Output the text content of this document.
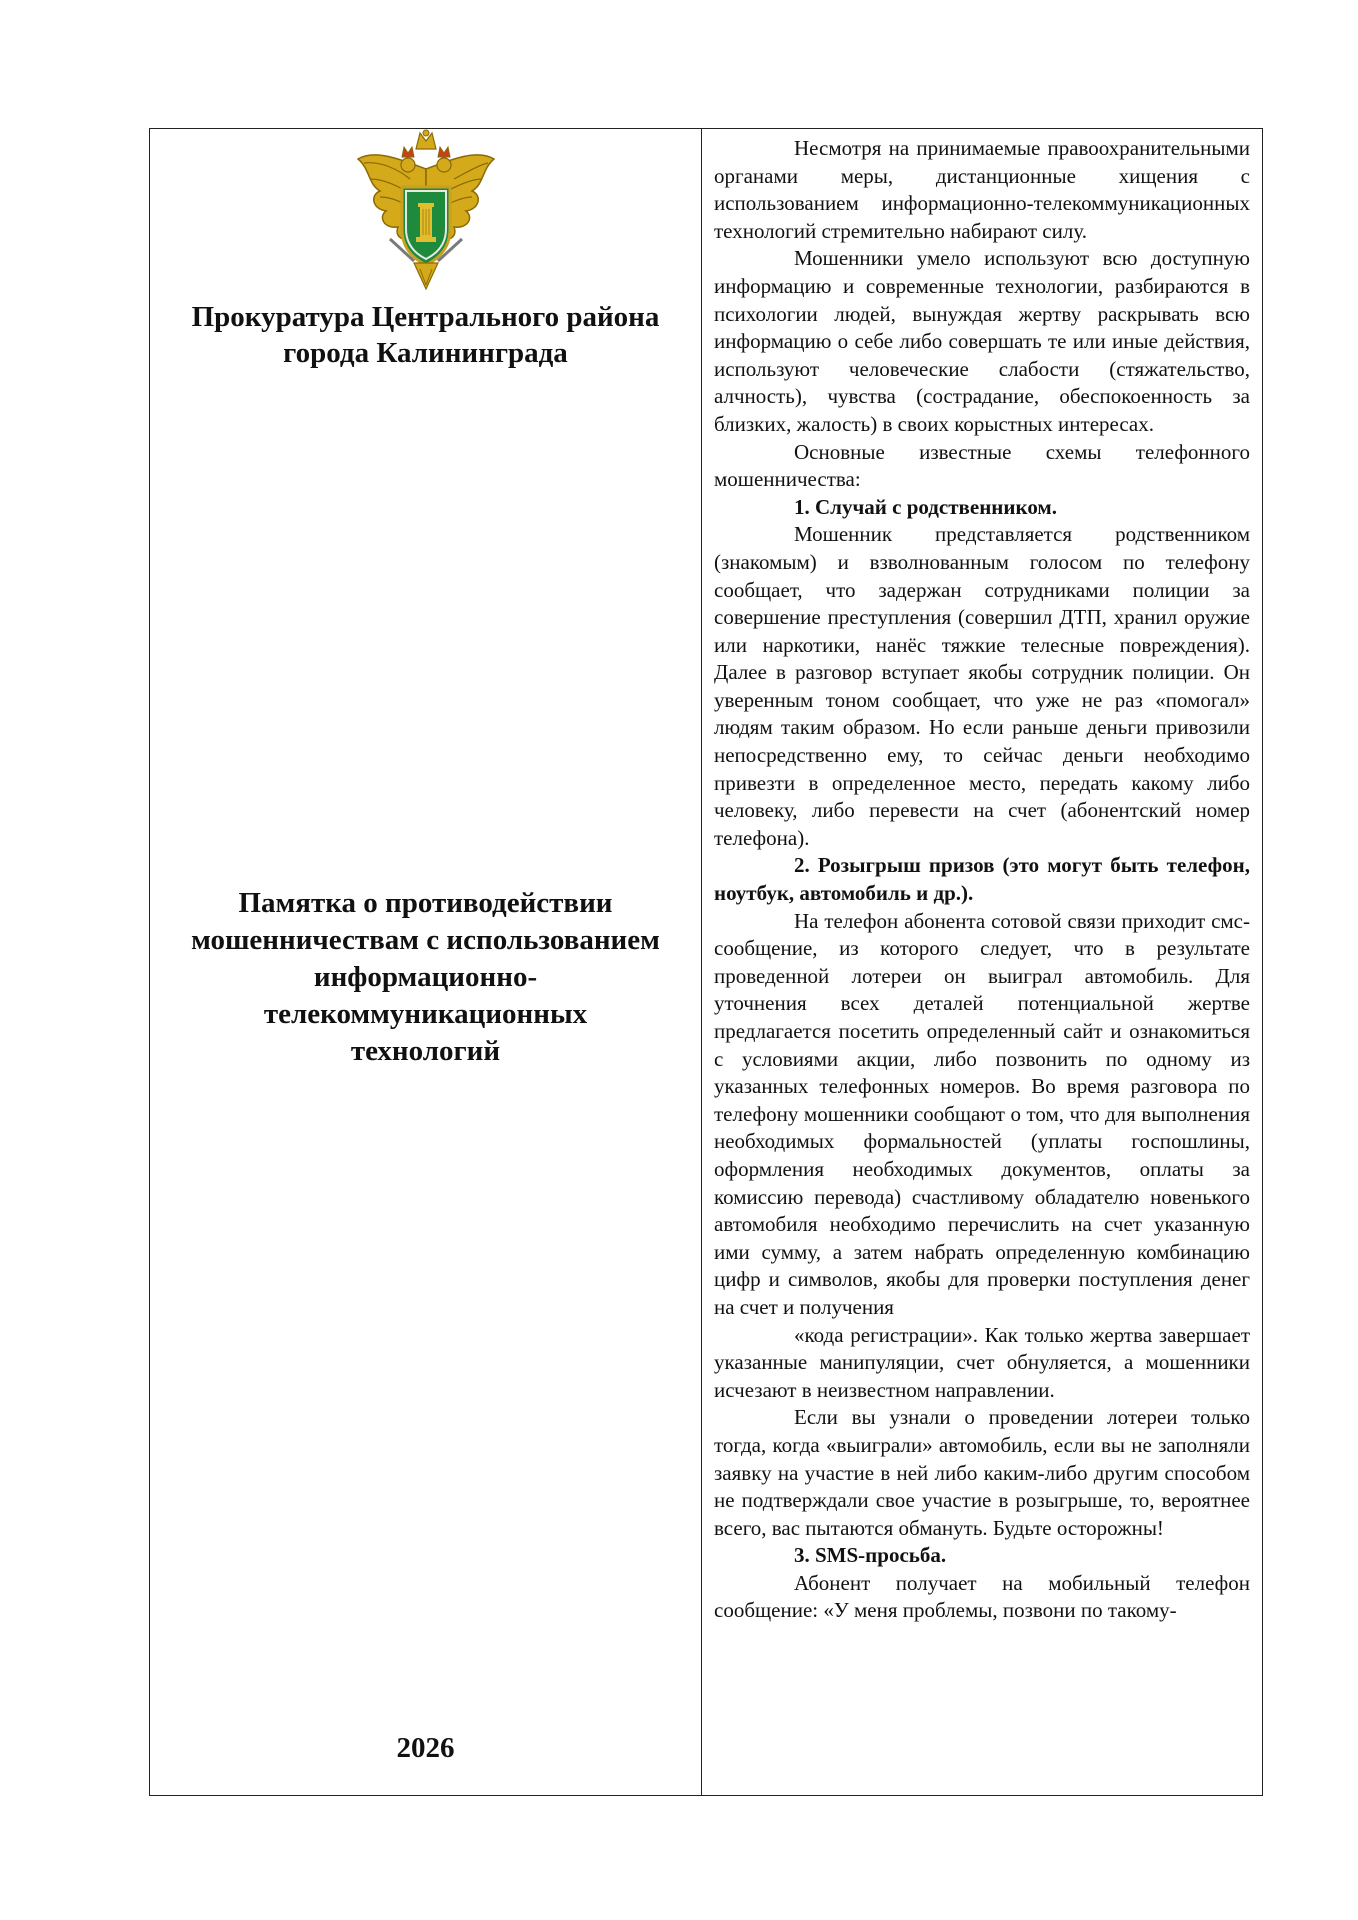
Прокуратура Центрального района
города Калининграда
Памятка о противодействии
мошенничествам с использованием
информационно-
телекоммуникационных
технологий
2026

Несмотря на принимаемые правоохранительными органами меры, дистанционные хищения с использованием информационно-телекоммуникационных технологий стремительно набирают силу.

Мошенники умело используют всю доступную информацию и современные технологии, разбираются в психологии людей, вынуждая жертву раскрывать всю информацию о себе либо совершать те или иные действия, используют человеческие слабости (стяжательство, алчность), чувства (сострадание, обеспокоенность за близких, жалость) в своих корыстных интересах.

Основные известные схемы телефонного мошенничества:

1. Случай с родственником.

Мошенник представляется родственником (знакомым) и взволнованным голосом по телефону сообщает, что задержан сотрудниками полиции за совершение преступления (совершил ДТП, хранил оружие или наркотики, нанёс тяжкие телесные повреждения). Далее в разговор вступает якобы сотрудник полиции. Он уверенным тоном сообщает, что уже не раз «помогал» людям таким образом. Но если раньше деньги привозили непосредственно ему, то сейчас деньги необходимо привезти в определенное место, передать какому либо человеку, либо перевести на счет (абонентский номер телефона).

2. Розыгрыш призов (это могут быть телефон, ноутбук, автомобиль и др.).

На телефон абонента сотовой связи приходит смс-сообщение, из которого следует, что в результате проведенной лотереи он выиграл автомобиль. Для уточнения всех деталей потенциальной жертве предлагается посетить определенный сайт и ознакомиться с условиями акции, либо позвонить по одному из указанных телефонных номеров. Во время разговора по телефону мошенники сообщают о том, что для выполнения необходимых формальностей (уплаты госпошлины, оформления необходимых документов, оплаты за комиссию перевода) счастливому обладателю новенького автомобиля необходимо перечислить на счет указанную ими сумму, а затем набрать определенную комбинацию цифр и символов, якобы для проверки поступления денег на счет и получения

«кода регистрации». Как только жертва завершает указанные манипуляции, счет обнуляется, а мошенники исчезают в неизвестном направлении.

Если вы узнали о проведении лотереи только тогда, когда «выиграли» автомобиль, если вы не заполняли заявку на участие в ней либо каким-либо другим способом не подтверждали свое участие в розыгрыше, то, вероятнее всего, вас пытаются обмануть. Будьте осторожны!

3. SMS-просьба.

Абонент получает на мобильный телефон сообщение: «У меня проблемы, позвони по такому-
